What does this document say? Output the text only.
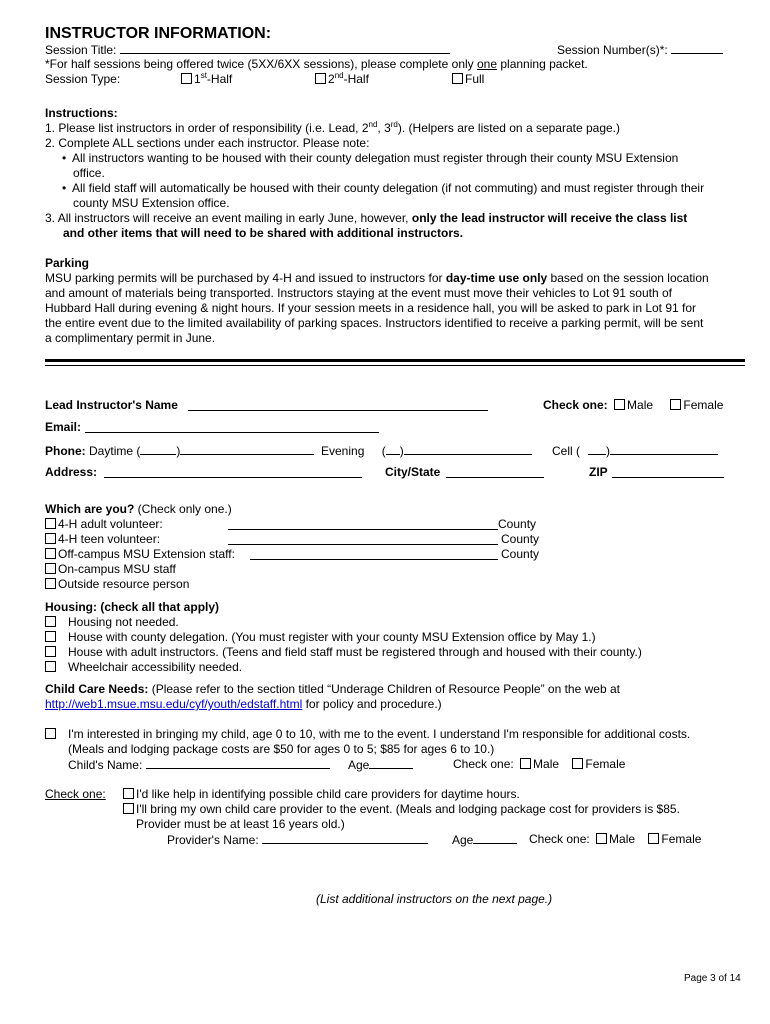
INSTRUCTOR INFORMATION:
Session Title:	Session Number(s)*:
*For half sessions being offered twice (5XX/6XX sessions), please complete only one planning packet.
Session Type:	1st-Half	2nd-Half	Full
Instructions:
1. Please list instructors in order of responsibility (i.e. Lead, 2nd, 3rd). (Helpers are listed on a separate page.)
2. Complete ALL sections under each instructor. Please note:
• All instructors wanting to be housed with their county delegation must register through their county MSU Extension
office.
• All field staff will automatically be housed with their county delegation (if not commuting) and must register through their
county MSU Extension office.
3. All instructors will receive an event mailing in early June, however, only the lead instructor will receive the class list
and other items that will need to be shared with additional instructors.
Parking
MSU parking permits will be purchased by 4-H and issued to instructors for day-time use only based on the session location
and amount of materials being transported. Instructors staying at the event must move their vehicles to Lot 91 south of
Hubbard Hall during evening & night hours. If your session meets in a residence hall, you will be asked to park in Lot 91 for
the entire event due to the limited availability of parking spaces. Instructors identified to receive a parking permit, will be sent
a complimentary permit in June.
Lead Instructor's Name	Check one: Male	Female
Email:
Phone: Daytime (	)	Evening ( )	Cell ( )
Address:	City/State	ZIP
Which are you? (Check only one.)
4-H adult volunteer:	County
4-H teen volunteer:	County
Off-campus MSU Extension staff:	County
On-campus MSU staff
Outside resource person
Housing: (check all that apply)
Housing not needed.
House with county delegation. (You must register with your county MSU Extension office by May 1.)
House with adult instructors. (Teens and field staff must be registered through and housed with their county.)
Wheelchair accessibility needed.
Child Care Needs: (Please refer to the section titled “Underage Children of Resource People” on the web at
http://web1.msue.msu.edu/cyf/youth/edstaff.html for policy and procedure.)
I'm interested in bringing my child, age 0 to 10, with me to the event. I understand I'm responsible for additional costs.
(Meals and lodging package costs are $50 for ages 0 to 5; $85 for ages 6 to 10.)
Child's Name:	Age	Check one: Male Female
Check one:	I'd like help in identifying possible child care providers for daytime hours.
I'll bring my own child care provider to the event. (Meals and lodging package cost for providers is $85.
Provider must be at least 16 years old.)
Provider's Name:	Age	Check one: Male Female
(List additional instructors on the next page.)
Page 3 of 14
